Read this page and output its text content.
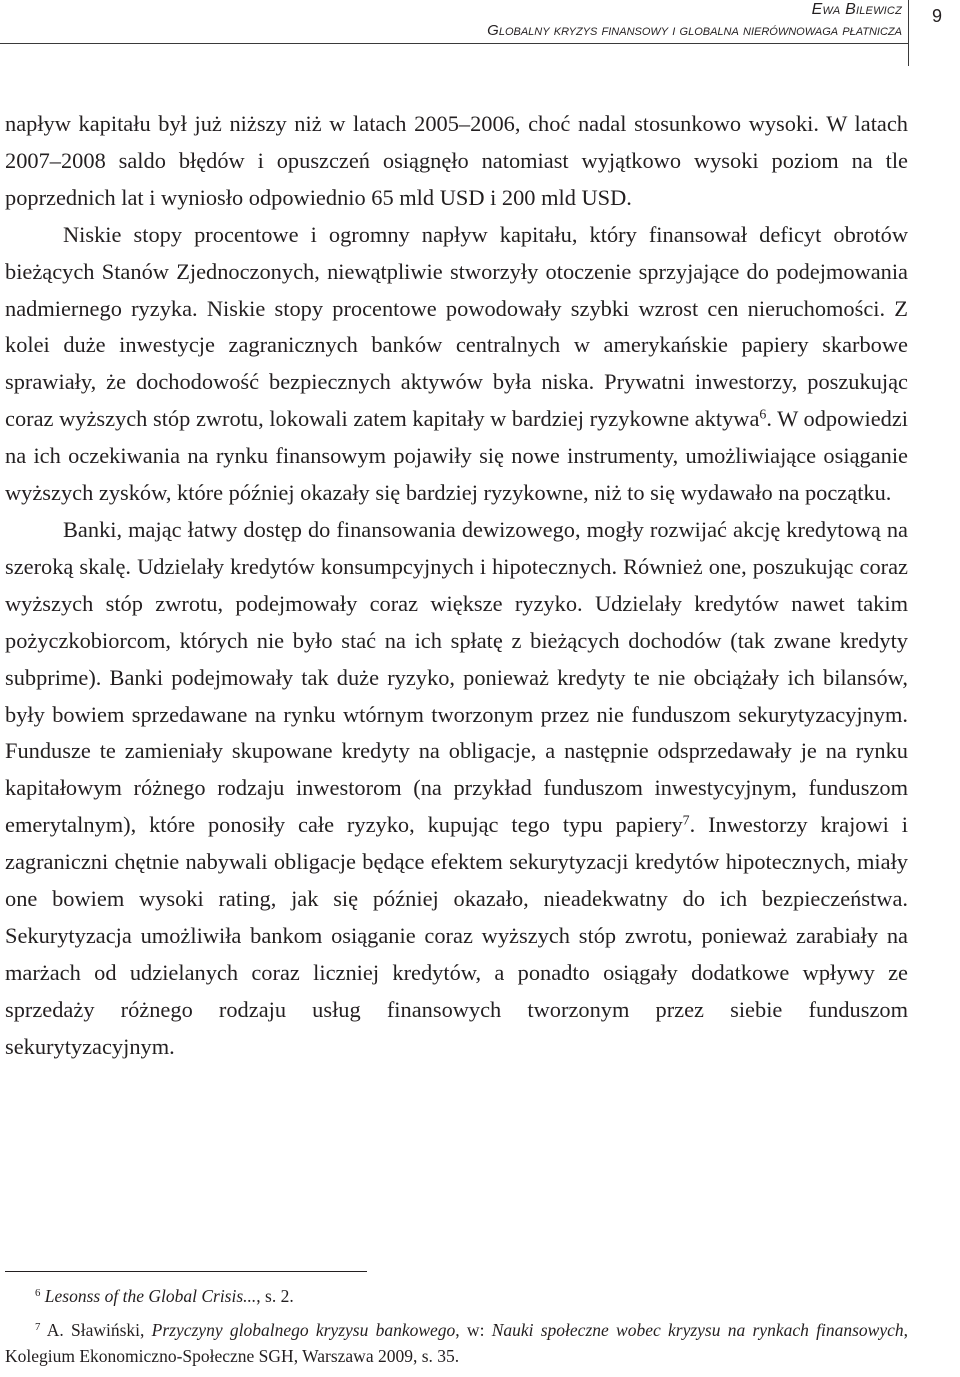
Ewa Bilewicz
Globalny kryzys finansowy i globalna nierównowaga płatnicza
9

napływ kapitału był już niższy niż w latach 2005–2006, choć nadal stosunkowo wysoki. W latach 2007–2008 saldo błędów i opuszczeń osiągnęło natomiast wyjątkowo wysoki poziom na tle poprzednich lat i wyniosło odpowiednio 65 mld USD i 200 mld USD.

Niskie stopy procentowe i ogromny napływ kapitału, który finansował deficyt obrotów bieżących Stanów Zjednoczonych, niewątpliwie stworzyły otoczenie sprzyjające do podejmowania nadmiernego ryzyka. Niskie stopy procentowe powodowały szybki wzrost cen nieruchomości. Z kolei duże inwestycje zagranicznych banków centralnych w amerykańskie papiery skarbowe sprawiały, że dochodowość bezpiecznych aktywów była niska. Prywatni inwestorzy, poszukując coraz wyższych stóp zwrotu, lokowali zatem kapitały w bardziej ryzykowne aktywa$^6$. W odpowiedzi na ich oczekiwania na rynku finansowym pojawiły się nowe instrumenty, umożliwiające osiąganie wyższych zysków, które później okazały się bardziej ryzykowne, niż to się wydawało na początku.

Banki, mając łatwy dostęp do finansowania dewizowego, mogły rozwijać akcję kredytową na szeroką skalę. Udzielały kredytów konsumpcyjnych i hipotecznych. Również one, poszukując coraz wyższych stóp zwrotu, podejmowały coraz większe ryzyko. Udzielały kredytów nawet takim pożyczkobiorcom, których nie było stać na ich spłatę z bieżących dochodów (tak zwane kredyty subprime). Banki podejmowały tak duże ryzyko, ponieważ kredyty te nie obciążały ich bilansów, były bowiem sprzedawane na rynku wtórnym tworzonym przez nie funduszom sekurytyzacyjnym. Fundusze te zamieniały skupowane kredyty na obligacje, a następnie odsprzedawały je na rynku kapitałowym różnego rodzaju inwestorom (na przykład funduszom inwestycyjnym, funduszom emerytalnym), które ponosiły całe ryzyko, kupując tego typu papiery$^7$. Inwestorzy krajowi i zagraniczni chętnie nabywali obligacje będące efektem sekurytyzacji kredytów hipotecznych, miały one bowiem wysoki rating, jak się później okazało, nieadekwatny do ich bezpieczeństwa. Sekurytyzacja umożliwiła bankom osiąganie coraz wyższych stóp zwrotu, ponieważ zarabiały na marżach od udzielanych coraz liczniej kredytów, a ponadto osiągały dodatkowe wpływy ze sprzedaży różnego rodzaju usług finansowych tworzonym przez siebie funduszom sekurytyzacyjnym.

$^6$ Lesonss of the Global Crisis..., s. 2.

$^7$ A. Sławiński, Przyczyny globalnego kryzysu bankowego, w: Nauki społeczne wobec kryzysu na rynkach finansowych, Kolegium Ekonomiczno-Społeczne SGH, Warszawa 2009, s. 35.
